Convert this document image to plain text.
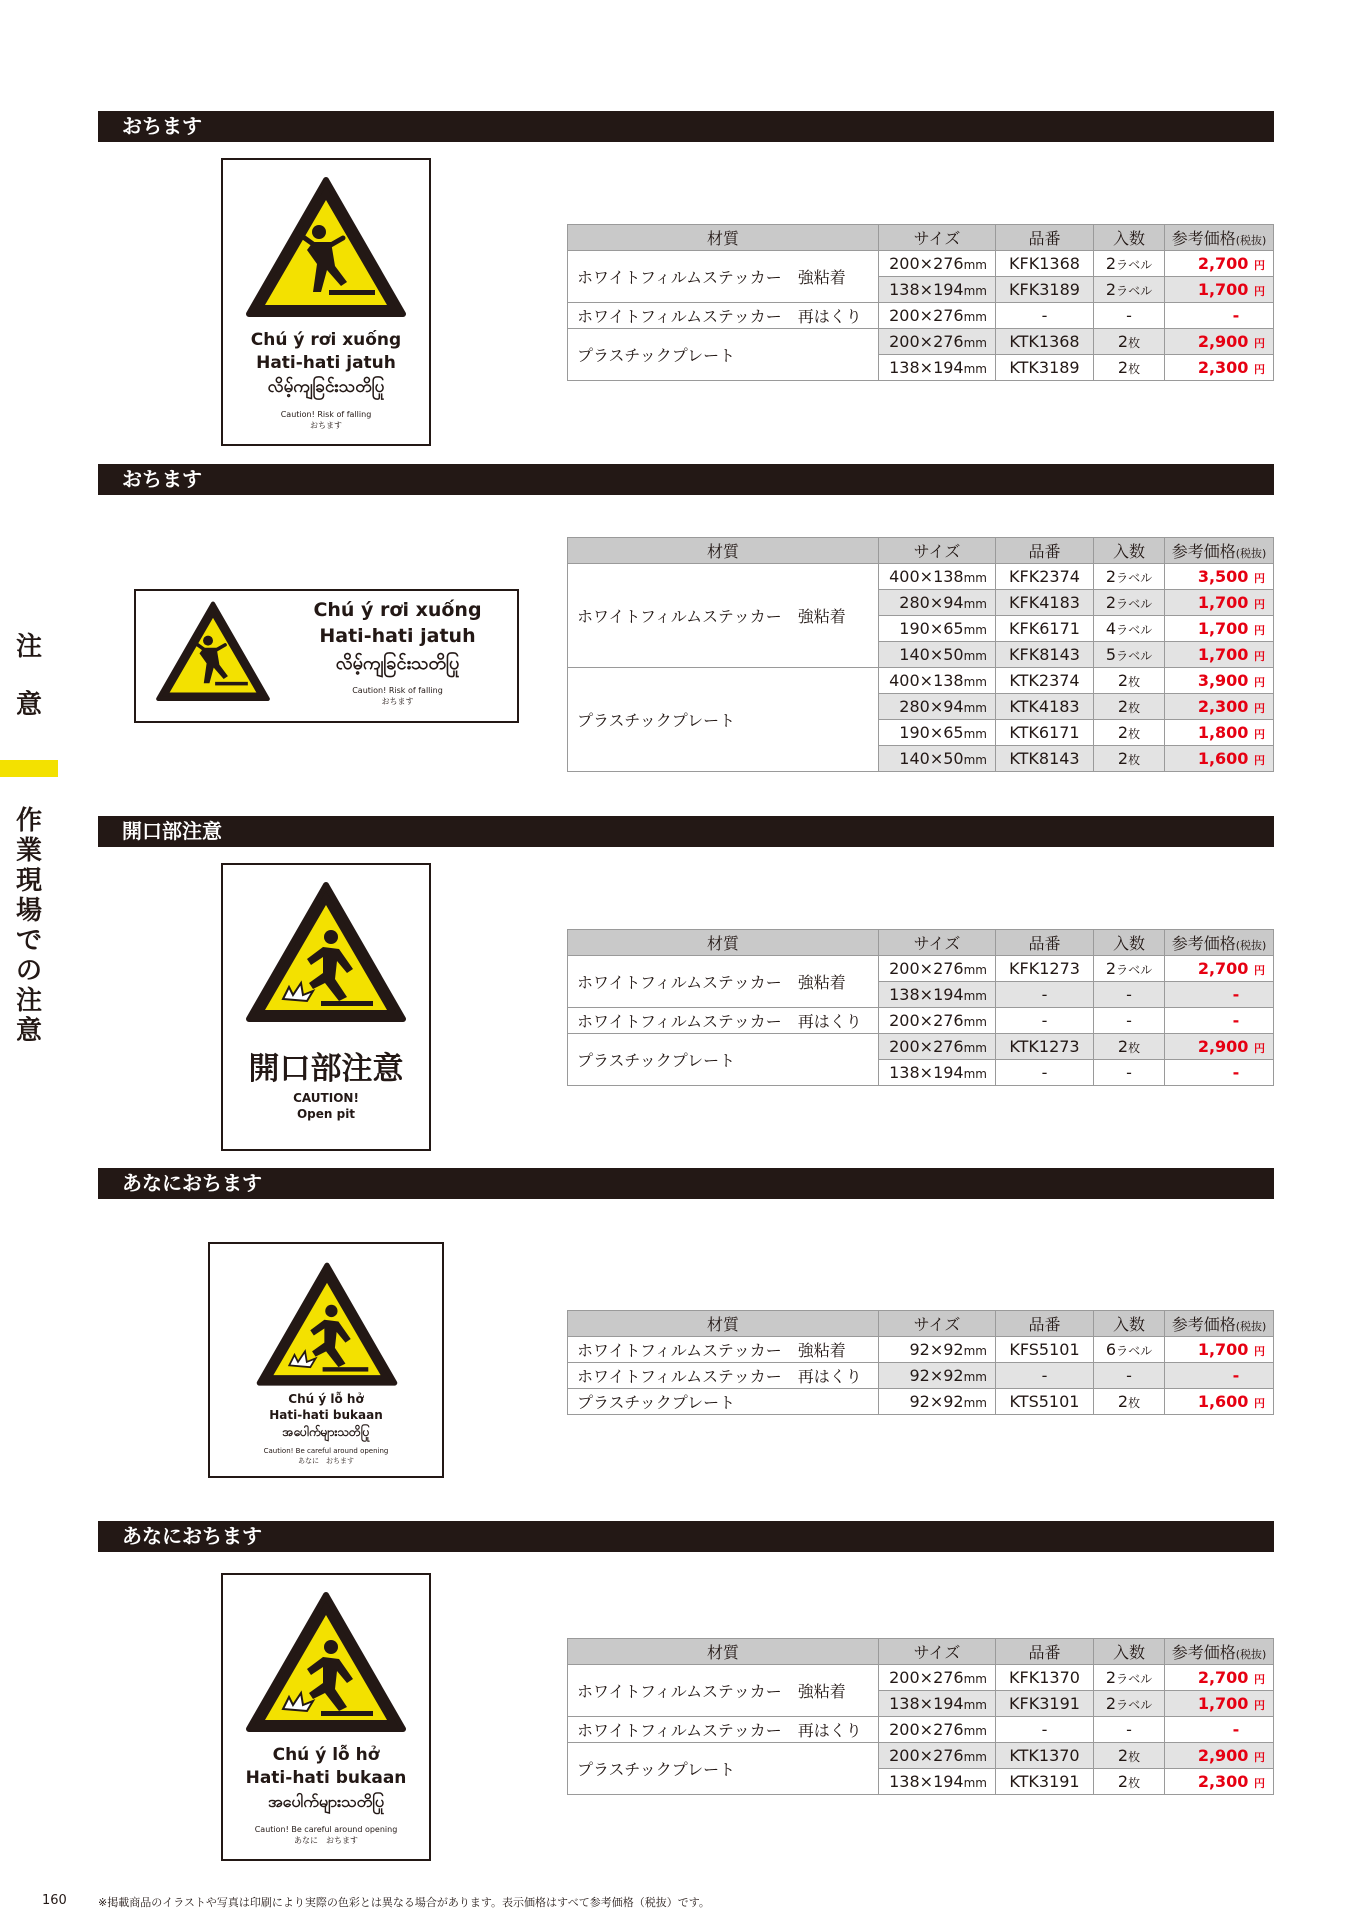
注
意
作
業
現
場
で
の
注
意
おちます
Chú ý rơi xuống
Hati-hati jatuh
လိမ့်ကျခြင်းသတိပြု
Caution! Risk of falling
おちます
材質	サイズ	品番	入数	参考価格(税抜)
ホワイトフィルムステッカー　強粘着	200×276mm	KFK1368	2ラベル	2,700 円
	138×194mm	KFK3189	2ラベル	1,700 円
ホワイトフィルムステッカー　再はくり	200×276mm	-	-	-
プラスチックプレート	200×276mm	KTK1368	2枚	2,900 円
	138×194mm	KTK3189	2枚	2,300 円
おちます
Chú ý rơi xuống
Hati-hati jatuh
လိမ့်ကျခြင်းသတိပြု
Caution! Risk of falling
おちます
材質	サイズ	品番	入数	参考価格(税抜)
ホワイトフィルムステッカー　強粘着	400×138mm	KFK2374	2ラベル	3,500 円
	280×94mm	KFK4183	2ラベル	1,700 円
	190×65mm	KFK6171	4ラベル	1,700 円
	140×50mm	KFK8143	5ラベル	1,700 円
プラスチックプレート	400×138mm	KTK2374	2枚	3,900 円
	280×94mm	KTK4183	2枚	2,300 円
	190×65mm	KTK6171	2枚	1,800 円
	140×50mm	KTK8143	2枚	1,600 円
開口部注意
開口部注意
CAUTION!
Open pit
材質	サイズ	品番	入数	参考価格(税抜)
ホワイトフィルムステッカー　強粘着	200×276mm	KFK1273	2ラベル	2,700 円
	138×194mm	-	-	-
ホワイトフィルムステッカー　再はくり	200×276mm	-	-	-
プラスチックプレート	200×276mm	KTK1273	2枚	2,900 円
	138×194mm	-	-	-
あなにおちます
Chú ý lỗ hở
Hati-hati bukaan
အပေါက်များသတိပြု
Caution! Be careful around opening
あなに　おちます
材質	サイズ	品番	入数	参考価格(税抜)
ホワイトフィルムステッカー　強粘着	92×92mm	KFS5101	6ラベル	1,700 円
ホワイトフィルムステッカー　再はくり	92×92mm	-	-	-
プラスチックプレート	92×92mm	KTS5101	2枚	1,600 円
あなにおちます
Chú ý lỗ hở
Hati-hati bukaan
အပေါက်များသတိပြု
Caution! Be careful around opening
あなに　おちます
材質	サイズ	品番	入数	参考価格(税抜)
ホワイトフィルムステッカー　強粘着	200×276mm	KFK1370	2ラベル	2,700 円
	138×194mm	KFK3191	2ラベル	1,700 円
ホワイトフィルムステッカー　再はくり	200×276mm	-	-	-
プラスチックプレート	200×276mm	KTK1370	2枚	2,900 円
	138×194mm	KTK3191	2枚	2,300 円
160	※掲載商品のイラストや写真は印刷により実際の色彩とは異なる場合があります。表示価格はすべて参考価格（税抜）です。
